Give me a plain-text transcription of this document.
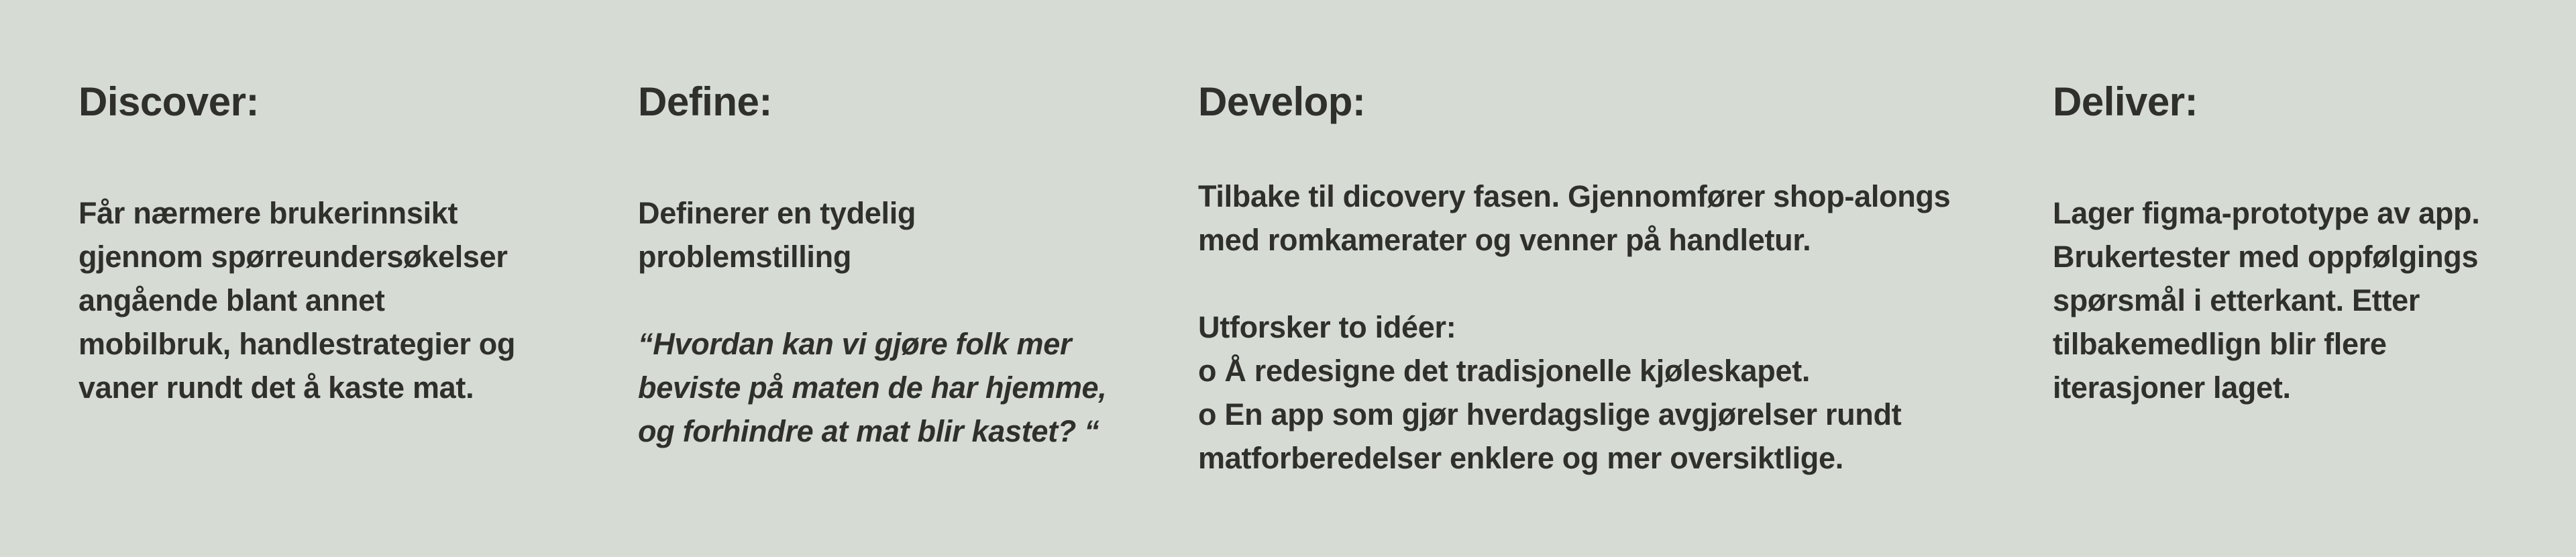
Discover:

Får nærmere brukerinnsikt
gjennom spørreundersøkelser
angående blant annet
mobilbruk, handlestrategier og
vaner rundt det å kaste mat.

Define:

Definerer en tydelig
problemstilling

“Hvordan kan vi gjøre folk mer
beviste på maten de har hjemme,
og forhindre at mat blir kastet? “

Develop:

Tilbake til dicovery fasen. Gjennomfører shop-alongs
med romkamerater og venner på handletur.

Utforsker to idéer:
o Å redesigne det tradisjonelle kjøleskapet.
o En app som gjør hverdagslige avgjørelser rundt
matforberedelser enklere og mer oversiktlige.

Deliver:

Lager figma-prototype av app.
Brukertester med oppfølgings
spørsmål i etterkant. Etter
tilbakemedlign blir flere
iterasjoner laget.
